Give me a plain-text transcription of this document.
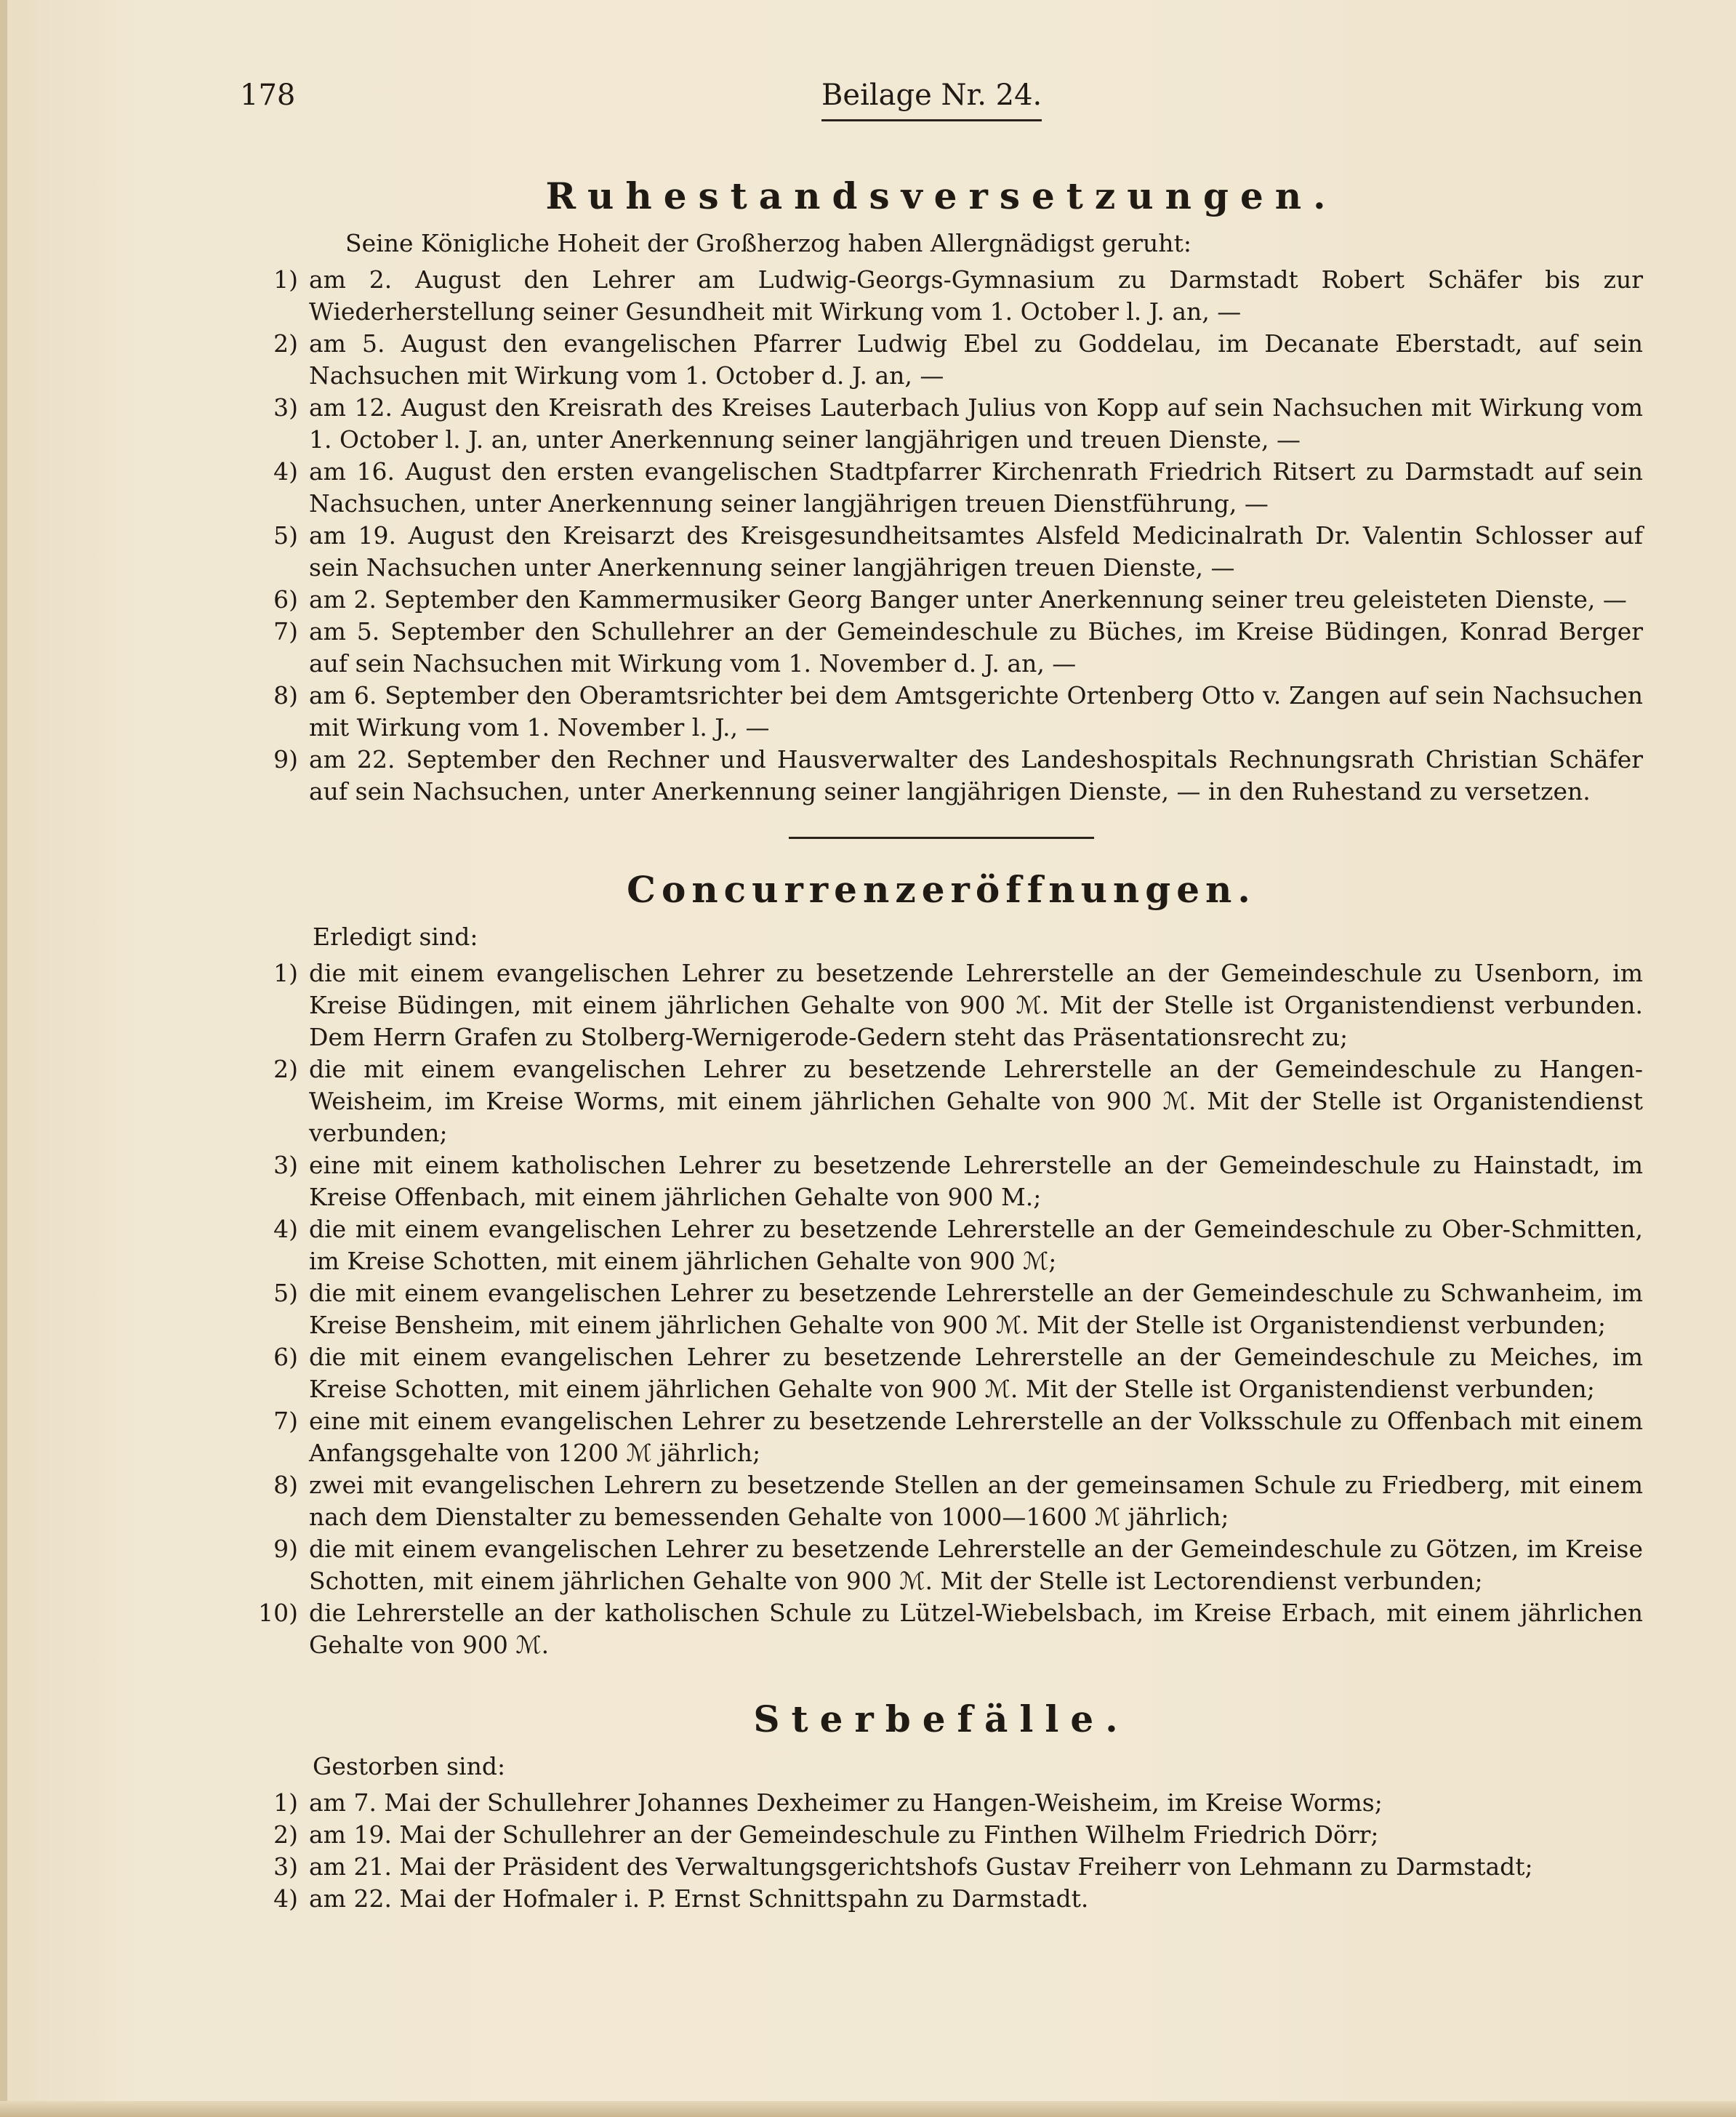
178	Beilage Nr. 24.
Ruhestandsversetzungen.

Seine Königliche Hoheit der Großherzog haben Allergnädigst geruht:

1) am 2. August den Lehrer am Ludwig-Georgs-Gymnasium zu Darmstadt Robert Schäfer bis zur Wiederherstellung seiner Gesundheit mit Wirkung vom 1. October l. J. an, —
2) am 5. August den evangelischen Pfarrer Ludwig Ebel zu Goddelau, im Decanate Eberstadt, auf sein Nachsuchen mit Wirkung vom 1. October d. J. an, —
3) am 12. August den Kreisrath des Kreises Lauterbach Julius von Kopp auf sein Nachsuchen mit Wirkung vom 1. October l. J. an, unter Anerkennung seiner langjährigen und treuen Dienste, —
4) am 16. August den ersten evangelischen Stadtpfarrer Kirchenrath Friedrich Ritsert zu Darmstadt auf sein Nachsuchen, unter Anerkennung seiner langjährigen treuen Dienstführung, —
5) am 19. August den Kreisarzt des Kreisgesundheitsamtes Alsfeld Medicinalrath Dr. Valentin Schlosser auf sein Nachsuchen unter Anerkennung seiner langjährigen treuen Dienste, —
6) am 2. September den Kammermusiker Georg Banger unter Anerkennung seiner treu geleisteten Dienste, —
7) am 5. September den Schullehrer an der Gemeindeschule zu Büches, im Kreise Büdingen, Konrad Berger auf sein Nachsuchen mit Wirkung vom 1. November d. J. an, —
8) am 6. September den Oberamtsrichter bei dem Amtsgerichte Ortenberg Otto v. Zangen auf sein Nachsuchen mit Wirkung vom 1. November l. J., —
9) am 22. September den Rechner und Hausverwalter des Landeshospitals Rechnungsrath Christian Schäfer auf sein Nachsuchen, unter Anerkennung seiner langjährigen Dienste, — in den Ruhestand zu versetzen.
Concurrenzeröffnungen.

Erledigt sind:

1) die mit einem evangelischen Lehrer zu besetzende Lehrerstelle an der Gemeindeschule zu Usenborn, im Kreise Büdingen, mit einem jährlichen Gehalte von 900 ℳ. Mit der Stelle ist Organistendienst verbunden. Dem Herrn Grafen zu Stolberg-Wernigerode-Gedern steht das Präsentationsrecht zu;
2) die mit einem evangelischen Lehrer zu besetzende Lehrerstelle an der Gemeindeschule zu Hangen-Weisheim, im Kreise Worms, mit einem jährlichen Gehalte von 900 ℳ. Mit der Stelle ist Organistendienst verbunden;
3) eine mit einem katholischen Lehrer zu besetzende Lehrerstelle an der Gemeindeschule zu Hainstadt, im Kreise Offenbach, mit einem jährlichen Gehalte von 900 M.;
4) die mit einem evangelischen Lehrer zu besetzende Lehrerstelle an der Gemeindeschule zu Ober-Schmitten, im Kreise Schotten, mit einem jährlichen Gehalte von 900 ℳ;
5) die mit einem evangelischen Lehrer zu besetzende Lehrerstelle an der Gemeindeschule zu Schwanheim, im Kreise Bensheim, mit einem jährlichen Gehalte von 900 ℳ. Mit der Stelle ist Organistendienst verbunden;
6) die mit einem evangelischen Lehrer zu besetzende Lehrerstelle an der Gemeindeschule zu Meiches, im Kreise Schotten, mit einem jährlichen Gehalte von 900 ℳ. Mit der Stelle ist Organistendienst verbunden;
7) eine mit einem evangelischen Lehrer zu besetzende Lehrerstelle an der Volksschule zu Offenbach mit einem Anfangsgehalte von 1200 ℳ jährlich;
8) zwei mit evangelischen Lehrern zu besetzende Stellen an der gemeinsamen Schule zu Friedberg, mit einem nach dem Dienstalter zu bemessenden Gehalte von 1000—1600 ℳ jährlich;
9) die mit einem evangelischen Lehrer zu besetzende Lehrerstelle an der Gemeindeschule zu Götzen, im Kreise Schotten, mit einem jährlichen Gehalte von 900 ℳ. Mit der Stelle ist Lectorendienst verbunden;
10) die Lehrerstelle an der katholischen Schule zu Lützel-Wiebelsbach, im Kreise Erbach, mit einem jährlichen Gehalte von 900 ℳ.
Sterbefälle.

Gestorben sind:

1) am 7. Mai der Schullehrer Johannes Dexheimer zu Hangen-Weisheim, im Kreise Worms;
2) am 19. Mai der Schullehrer an der Gemeindeschule zu Finthen Wilhelm Friedrich Dörr;
3) am 21. Mai der Präsident des Verwaltungsgerichtshofs Gustav Freiherr von Lehmann zu Darmstadt;
4) am 22. Mai der Hofmaler i. P. Ernst Schnittspahn zu Darmstadt.
